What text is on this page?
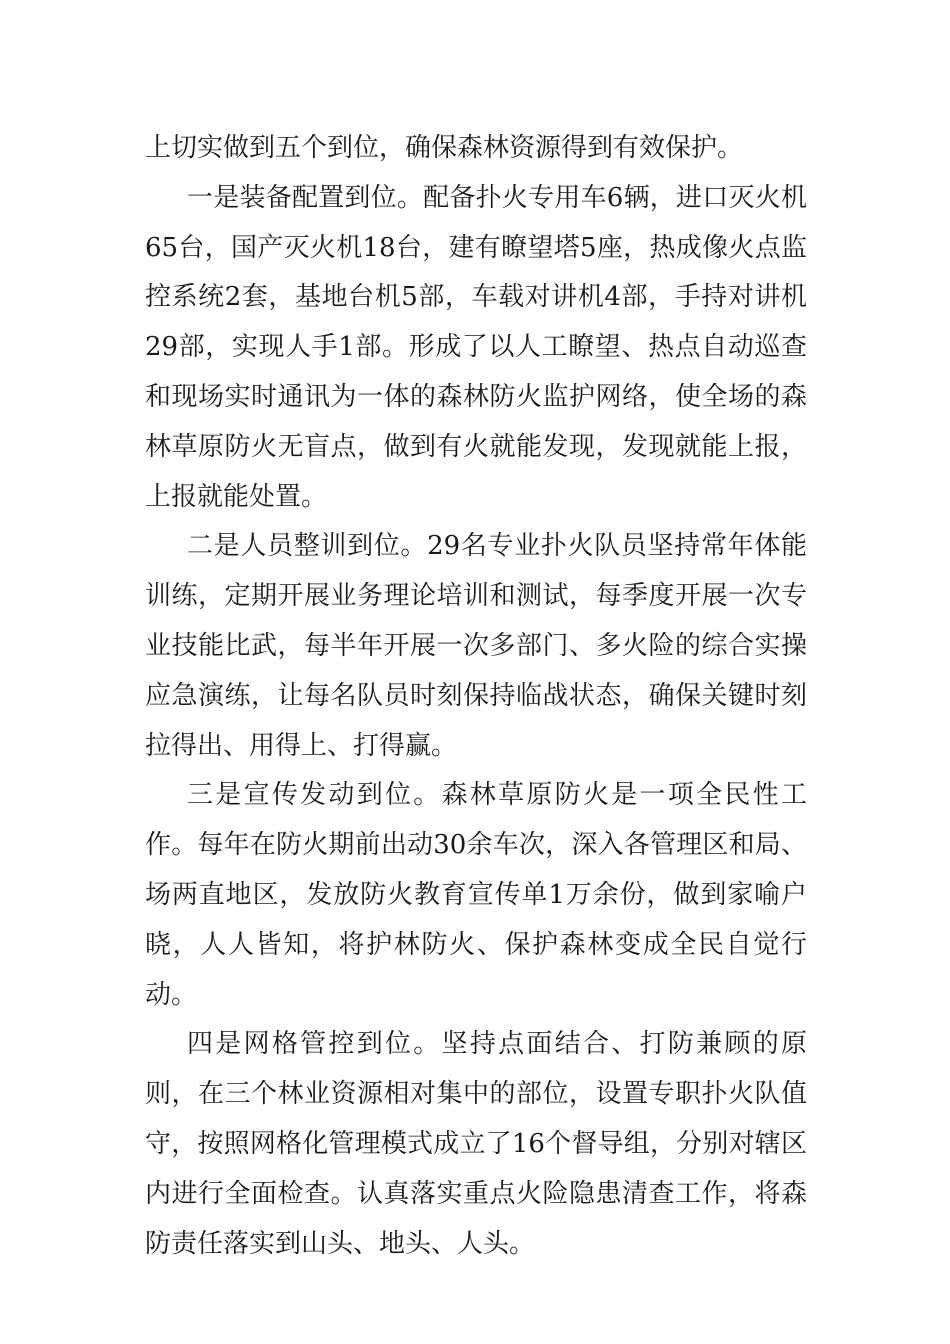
上切实做到五个到位，确保森林资源得到有效保护。

一是装备配置到位。配备扑火专用车6辆，进口灭火机65台，国产灭火机18台，建有瞭望塔5座，热成像火点监控系统2套，基地台机5部，车载对讲机4部，手持对讲机29部，实现人手1部。形成了以人工瞭望、热点自动巡查和现场实时通讯为一体的森林防火监护网络，使全场的森林草原防火无盲点，做到有火就能发现，发现就能上报，上报就能处置。

二是人员整训到位。29名专业扑火队员坚持常年体能训练，定期开展业务理论培训和测试，每季度开展一次专业技能比武，每半年开展一次多部门、多火险的综合实操应急演练，让每名队员时刻保持临战状态，确保关键时刻拉得出、用得上、打得赢。

三是宣传发动到位。森林草原防火是一项全民性工作。每年在防火期前出动30余车次，深入各管理区和局、场两直地区，发放防火教育宣传单1万余份，做到家喻户晓，人人皆知，将护林防火、保护森林变成全民自觉行动。

四是网格管控到位。坚持点面结合、打防兼顾的原则，在三个林业资源相对集中的部位，设置专职扑火队值守，按照网格化管理模式成立了16个督导组，分别对辖区内进行全面检查。认真落实重点火险隐患清查工作，将森防责任落实到山头、地头、人头。
